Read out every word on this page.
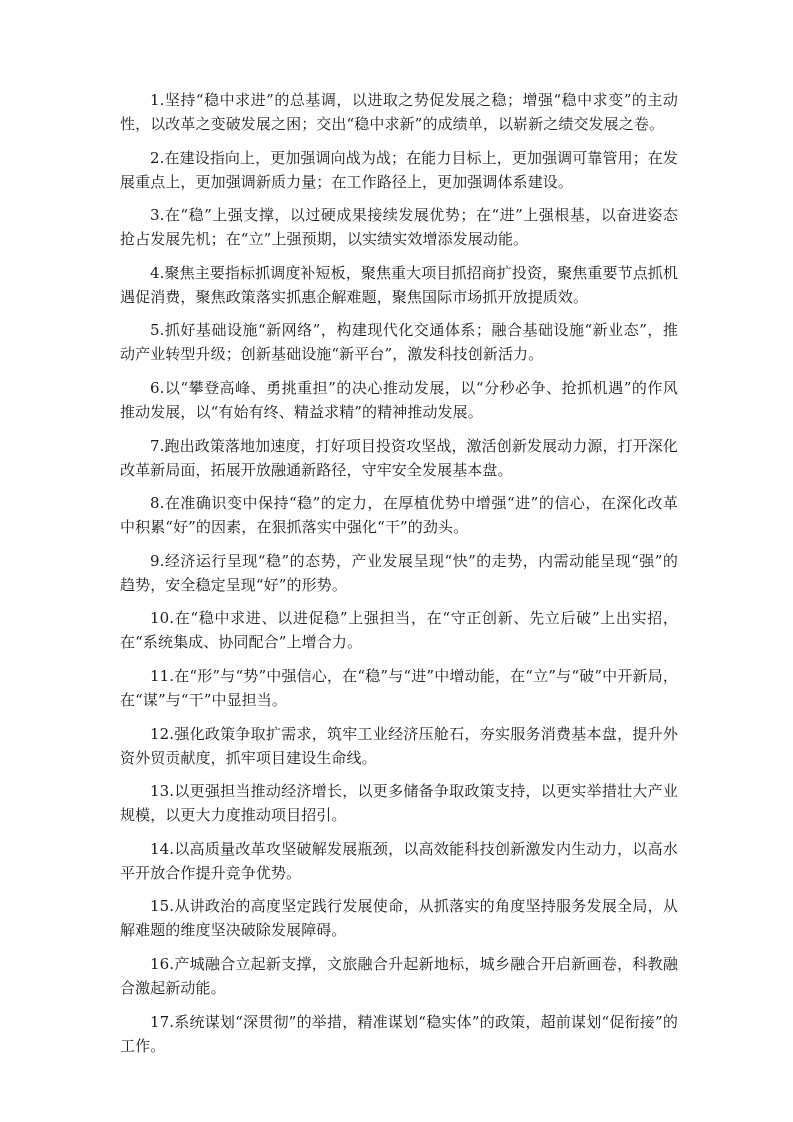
1.坚持“稳中求进”的总基调，以进取之势促发展之稳；增强“稳中求变”的主动性，以改革之变破发展之困；交出“稳中求新”的成绩单，以崭新之绩交发展之卷。

2.在建设指向上，更加强调向战为战；在能力目标上，更加强调可靠管用；在发展重点上，更加强调新质力量；在工作路径上，更加强调体系建设。

3.在“稳”上强支撑，以过硬成果接续发展优势；在“进”上强根基，以奋进姿态抢占发展先机；在“立”上强预期，以实绩实效增添发展动能。

4.聚焦主要指标抓调度补短板，聚焦重大项目抓招商扩投资，聚焦重要节点抓机遇促消费，聚焦政策落实抓惠企解难题，聚焦国际市场抓开放提质效。

5.抓好基础设施“新网络”，构建现代化交通体系；融合基础设施“新业态”，推动产业转型升级；创新基础设施“新平台”，激发科技创新活力。

6.以“攀登高峰、勇挑重担”的决心推动发展，以“分秒必争、抢抓机遇”的作风推动发展，以“有始有终、精益求精”的精神推动发展。

7.跑出政策落地加速度，打好项目投资攻坚战，激活创新发展动力源，打开深化改革新局面，拓展开放融通新路径，守牢安全发展基本盘。

8.在准确识变中保持“稳”的定力，在厚植优势中增强“进”的信心，在深化改革中积累“好”的因素，在狠抓落实中强化“干”的劲头。

9.经济运行呈现“稳”的态势，产业发展呈现“快”的走势，内需动能呈现“强”的趋势，安全稳定呈现“好”的形势。

10.在“稳中求进、以进促稳”上强担当，在“守正创新、先立后破”上出实招，在“系统集成、协同配合”上增合力。

11.在“形”与“势”中强信心，在“稳”与“进”中增动能，在“立”与“破”中开新局，在“谋”与“干”中显担当。

12.强化政策争取扩需求，筑牢工业经济压舱石，夯实服务消费基本盘，提升外资外贸贡献度，抓牢项目建设生命线。

13.以更强担当推动经济增长，以更多储备争取政策支持，以更实举措壮大产业规模，以更大力度推动项目招引。

14.以高质量改革攻坚破解发展瓶颈，以高效能科技创新激发内生动力，以高水平开放合作提升竞争优势。

15.从讲政治的高度坚定践行发展使命，从抓落实的角度坚持服务发展全局，从解难题的维度坚决破除发展障碍。

16.产城融合立起新支撑，文旅融合升起新地标，城乡融合开启新画卷，科教融合激起新动能。

17.系统谋划“深贯彻”的举措，精准谋划“稳实体”的政策，超前谋划“促衔接”的工作。
